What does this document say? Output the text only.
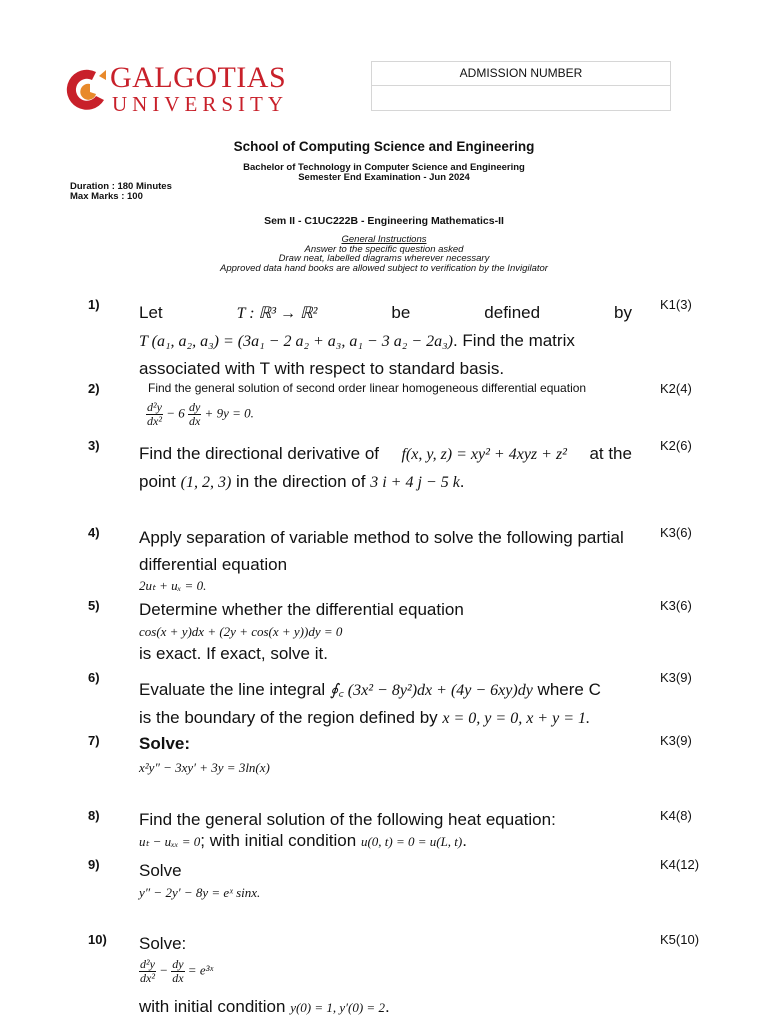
GALGOTIAS
UNIVERSITY
ADMISSION NUMBER
School of Computing Science and Engineering
Bachelor of Technology in Computer Science and Engineering
Semester End Examination - Jun 2024
Duration : 180 Minutes
Max Marks : 100
Sem II - C1UC222B - Engineering Mathematics-II
General Instructions
Answer to the specific question asked
Draw neat, labelled diagrams wherever necessary
Approved data hand books are allowed subject to verification by the Invigilator
1)	K1(3)
Let	T : ℝ³ → ℝ²	be	defined	by
T (a₁, a₂, a₃) = (3a₁ − 2 a₂ + a₃, a₁ − 3 a₂ − 2a₃). Find the matrix
associated with T with respect to standard basis.
2)	K2(4)
Find the general solution of second order linear homogeneous differential equation
$\frac{\text{d²y}}{\text{dx²}} - 6 \frac{dy}{dx} + 9y = 0$.
3)	K2(6)
Find the directional derivative of f(x, y, z) = xy² + 4xyz + z² at the
point (1, 2, 3) in the direction of 3 i + 4 j − 5 k.
4)	K3(6)
Apply separation of variable method to solve the following partial differential equation
2uₜ + uₓ = 0.
5)	K3(6)
Determine whether the differential equation
cos(x + y)dx + (2y + cos(x + y))dy = 0
is exact. If exact, solve it.
6)	K3(9)
Evaluate the line integral ∮꜀ (3x² − 8y²)dx + (4y − 6xy)dy where C
is the boundary of the region defined by x = 0, y = 0, x + y = 1.
7)	K3(9)
Solve:
x²y″ − 3xy′ + 3y = 3ln(x)
8)	K4(8)
Find the general solution of the following heat equation:
uₜ − uₓₓ = 0; with initial condition u(0, t) = 0 = u(L, t).
9)	K4(12)
Solve
y″ − 2y′ − 8y = eˣ sinx.
10)	K5(10)
Solve:
$\frac{\text{d²y}}{\text{dx²}} - \frac{dy}{dx}$ = e³ˣ
with initial condition y(0) = 1, y′(0) = 2.
